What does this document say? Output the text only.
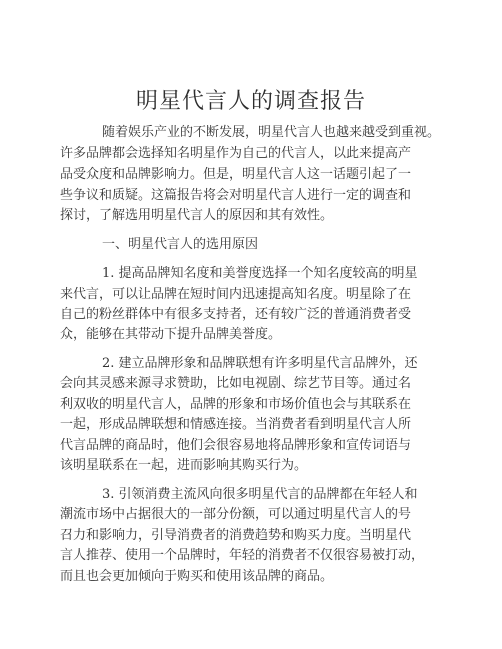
明星代言人的调查报告
随着娱乐产业的不断发展，明星代言人也越来越受到重视。
许多品牌都会选择知名明星作为自己的代言人，以此来提高产
品受众度和品牌影响力。但是，明星代言人这一话题引起了一
些争议和质疑。这篇报告将会对明星代言人进行一定的调查和
探讨，了解选用明星代言人的原因和其有效性。
一、明星代言人的选用原因
1. 提高品牌知名度和美誉度选择一个知名度较高的明星
来代言，可以让品牌在短时间内迅速提高知名度。明星除了在
自己的粉丝群体中有很多支持者，还有较广泛的普通消费者受
众，能够在其带动下提升品牌美誉度。
2. 建立品牌形象和品牌联想有许多明星代言品牌外，还
会向其灵感来源寻求赞助，比如电视剧、综艺节目等。通过名
利双收的明星代言人，品牌的形象和市场价值也会与其联系在
一起，形成品牌联想和情感连接。当消费者看到明星代言人所
代言品牌的商品时，他们会很容易地将品牌形象和宣传词语与
该明星联系在一起，进而影响其购买行为。
3. 引领消费主流风向很多明星代言的品牌都在年轻人和
潮流市场中占据很大的一部分份额，可以通过明星代言人的号
召力和影响力，引导消费者的消费趋势和购买力度。当明星代
言人推荐、使用一个品牌时，年轻的消费者不仅很容易被打动，
而且也会更加倾向于购买和使用该品牌的商品。
